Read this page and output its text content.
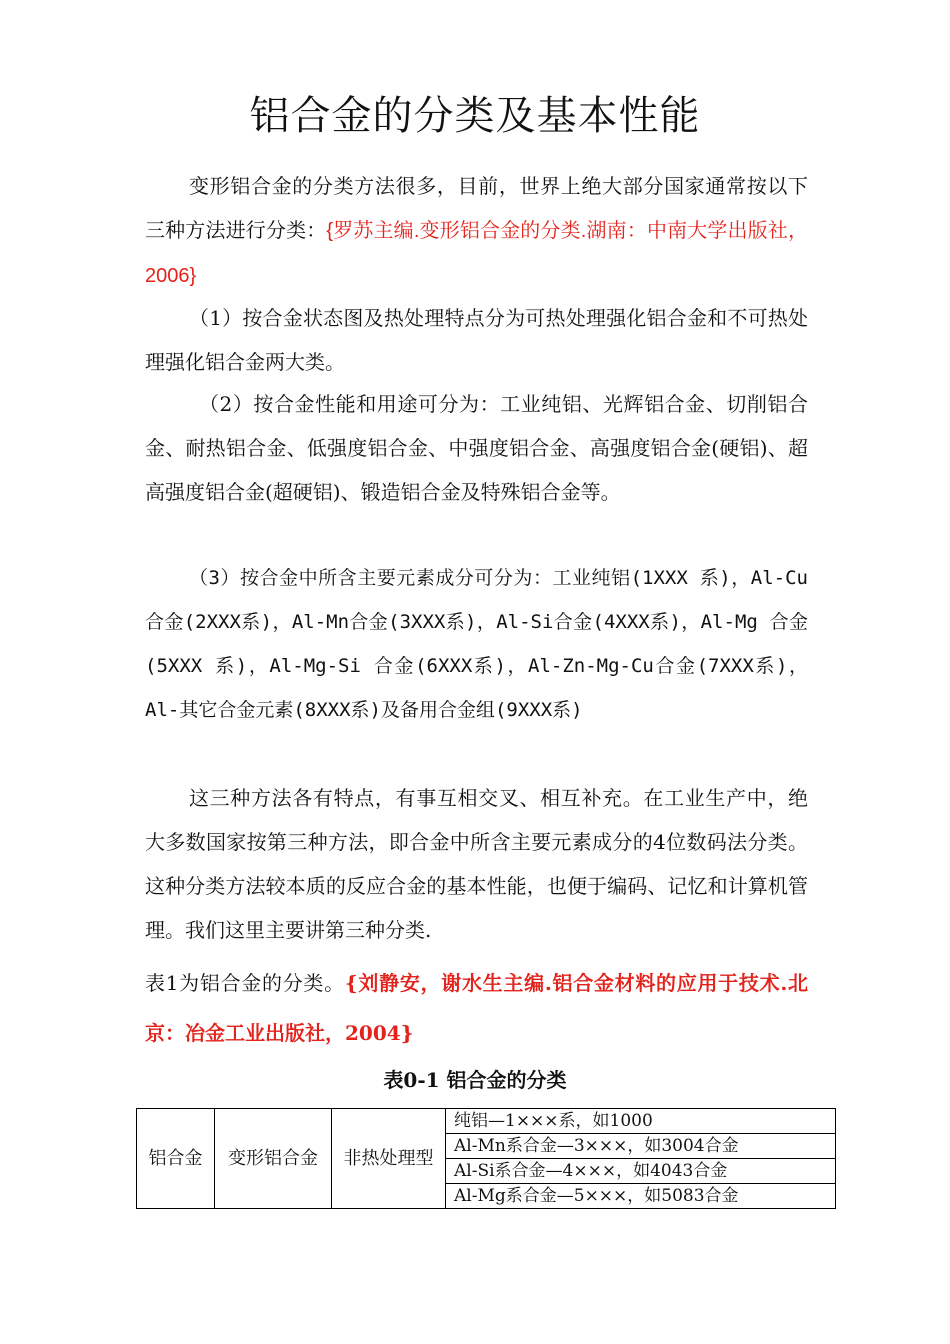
铝合金的分类及基本性能
变形铝合金的分类方法很多，目前，世界上绝大部分国家通常按以下三种方法进行分类：{罗苏主编.变形铝合金的分类.湖南：中南大学出版社，2006}
（1）按合金状态图及热处理特点分为可热处理强化铝合金和不可热处理强化铝合金两大类。
（2）按合金性能和用途可分为：工业纯铝、光辉铝合金、切削铝合金、耐热铝合金、低强度铝合金、中强度铝合金、高强度铝合金(硬铝)、超高强度铝合金(超硬铝)、锻造铝合金及特殊铝合金等。
（3）按合金中所含主要元素成分可分为：工业纯铝(1XXX 系)，Al-Cu合金(2XXX系)，Al-Mn合金(3XXX系)，Al-Si合金(4XXX系)，Al-Mg 合金(5XXX 系)，Al-Mg-Si 合金(6XXX系)，Al-Zn-Mg-Cu合金(7XXX系)，Al-其它合金元素(8XXX系)及备用合金组(9XXX系)
这三种方法各有特点，有事互相交叉、相互补充。在工业生产中，绝大多数国家按第三种方法，即合金中所含主要元素成分的4位数码法分类。这种分类方法较本质的反应合金的基本性能，也便于编码、记忆和计算机管理。我们这里主要讲第三种分类.
表1为铝合金的分类。{刘静安，谢水生主编.铝合金材料的应用于技术.北京：冶金工业出版社，2004}
表0-1 铝合金的分类
铝合金	变形铝合金	非热处理型	纯铝—1×××系，如1000
Al-Mn系合金—3×××，如3004合金
Al-Si系合金—4×××，如4043合金
Al-Mg系合金—5×××，如5083合金
